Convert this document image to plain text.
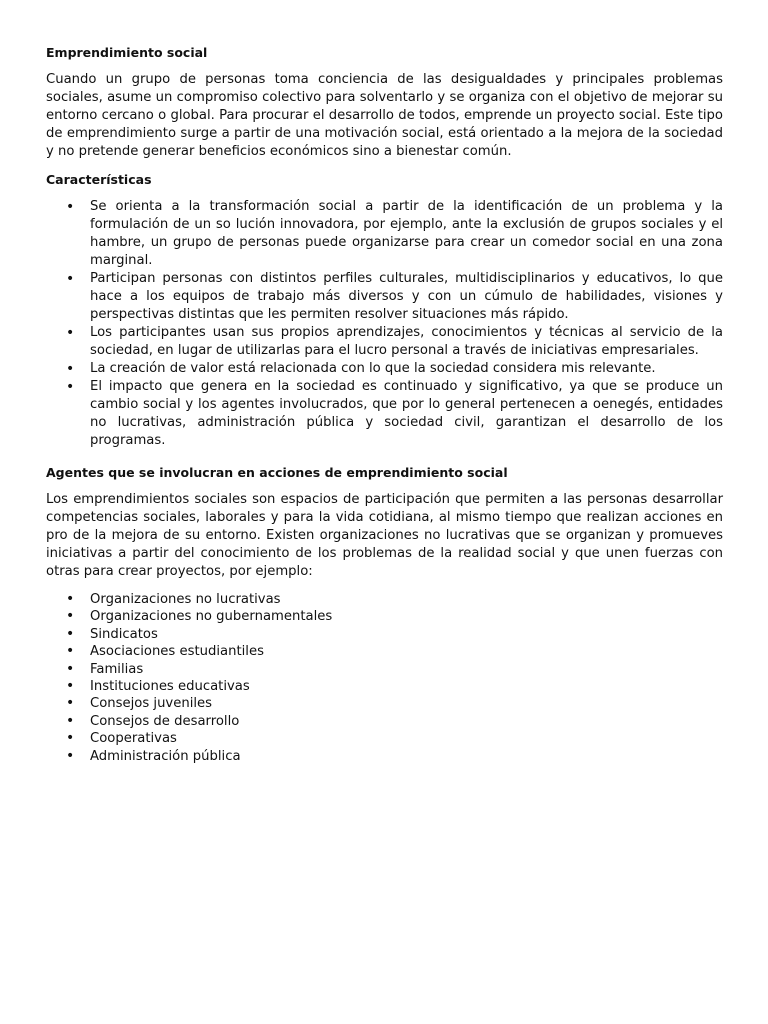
Emprendimiento social
Cuando un grupo de personas toma conciencia de las desigualdades y principales problemas sociales, asume un compromiso colectivo para solventarlo y se organiza con el objetivo de mejorar su entorno cercano o global. Para procurar el desarrollo de todos, emprende un proyecto social. Este tipo de emprendimiento surge a partir de una motivación social, está orientado a la mejora de la sociedad y no pretende generar beneficios económicos sino a bienestar común.
Características
• Se orienta a la transformación social a partir de la identificación de un problema y la formulación de un so lución innovadora, por ejemplo, ante la exclusión de grupos sociales y el hambre, un grupo de personas puede organizarse para crear un comedor social en una zona marginal.
• Participan personas con distintos perfiles culturales, multidisciplinarios y educativos, lo que hace a los equipos de trabajo más diversos y con un cúmulo de habilidades, visiones y perspectivas distintas que les permiten resolver situaciones más rápido.
• Los participantes usan sus propios aprendizajes, conocimientos y técnicas al servicio de la sociedad, en lugar de utilizarlas para el lucro personal a través de iniciativas empresariales.
• La creación de valor está relacionada con lo que la sociedad considera mis relevante.
• El impacto que genera en la sociedad es continuado y significativo, ya que se produce un cambio social y los agentes involucrados, que por lo general pertenecen a oenegés, entidades no lucrativas, administración pública y sociedad civil, garantizan el desarrollo de los programas.
Agentes que se involucran en acciones de emprendimiento social
Los emprendimientos sociales son espacios de participación que permiten a las personas desarrollar competencias sociales, laborales y para la vida cotidiana, al mismo tiempo que realizan acciones en pro de la mejora de su entorno. Existen organizaciones no lucrativas que se organizan y promueves iniciativas a partir del conocimiento de los problemas de la realidad social y que unen fuerzas con otras para crear proyectos, por ejemplo:
• Organizaciones no lucrativas
• Organizaciones no gubernamentales
• Sindicatos
• Asociaciones estudiantiles
• Familias
• Instituciones educativas
• Consejos juveniles
• Consejos de desarrollo
• Cooperativas
• Administración pública
